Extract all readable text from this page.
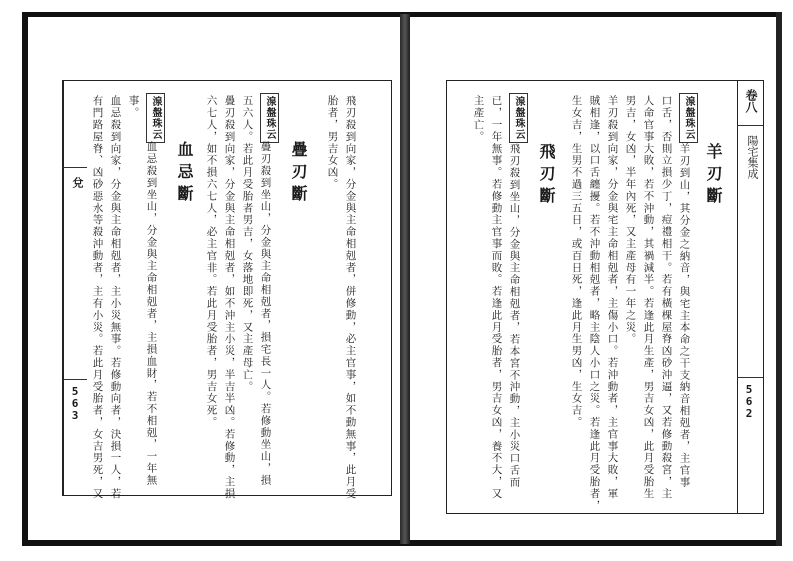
兌
5
6
3	飛刃殺到向家，分金與主命相剋者，併修動，必主官事，如不動無事，此月受
胎者，男吉女凶。
疊刃斷
湶盤珠云
疊刃殺到坐山，分金與主命相剋者，損宅長一人。若修動坐山，損
五六人。若此月受胎者男吉，女落地即死，又主產母亡。
疊刃殺到向家，分金與主命相剋者，如不沖主小災，半吉半凶。若修動，主損
六七人，如不損六七人，必主官非。若此月受胎者，男吉女死。
血忌斷
湶盤珠云
血忌殺到坐山，分金與主命相剋者，主損血財，若不相剋，一年無
事。
血忌殺到向家，分金與主命相剋者，主小災無事。若修動向者，決損一人，若
有門路屋脊、凶砂惡水等殺沖動者，主有小災。若此月受胎者，女吉男死，又	卷八
陽宅集成
5
6
2
羊刃斷
湶盤珠云
羊刃到山，其分金之納音，與宅主本命之干支納音相剋者，主官事
口舌，否則立損少丁，痘禮相干。若有橫棵屋脊凶砂沖逼，又若修動殺宮，主
人命官事大敗，若不沖動，其禍減半。若逢此月生產，男吉女凶，此月受胎生
男吉，女凶，半年內死，又主產母有一年之災。
羊刃殺到向家，分金與宅主命相剋者，主傷小口。若沖動者，主官事大敗，軍
賊相逢，以口舌纏擾。若不沖動相剋者，略主陰人小口之災。若逢此月受胎者，
生女吉，生男不過三五日，或百日死，逢此月生男凶，生女吉。
飛刃斷
湶盤珠云
飛刃殺到坐山，分金與主命相剋者，若本宮不沖動，主小災口舌而
已，一年無事。若修動主官事而敗。若逢此月受胎者，男吉女凶，養不大，又
主產亡。
